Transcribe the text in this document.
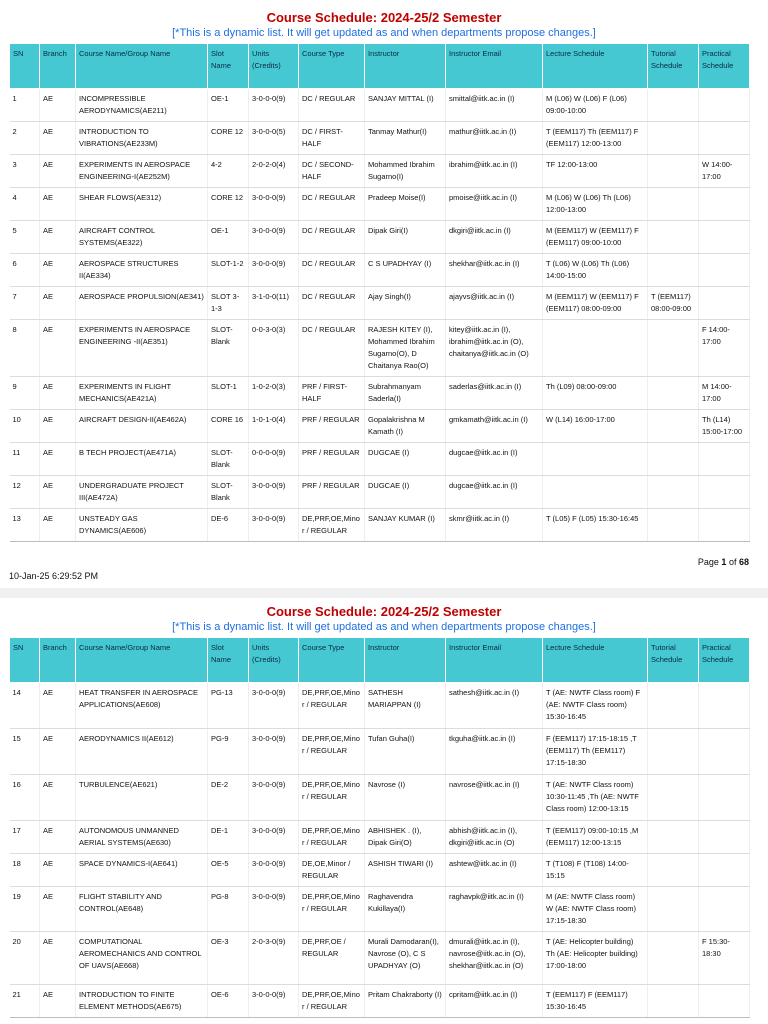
Course Schedule: 2024-25/2 Semester
[*This is a dynamic list. It will get updated as and when departments propose changes.]
SN	Branch	Course Name/Group Name	Slot Name	Units (Credits)	Course Type	Instructor	Instructor Email	Lecture Schedule	Tutorial Schedule	Practical Schedule
1	AE	INCOMPRESSIBLE AERODYNAMICS(AE211)	OE-1	3-0-0-0(9)	DC / REGULAR	SANJAY MITTAL (I)	smittal@iitk.ac.in (I)	M (L06) W (L06) F (L06) 09:00-10:00		
2	AE	INTRODUCTION TO VIBRATIONS(AE233M)	CORE 12	3-0-0-0(5)	DC / FIRST-HALF	Tanmay Mathur(I)	mathur@iitk.ac.in (I)	T (EEM117) Th (EEM117) F (EEM117) 12:00-13:00		
3	AE	EXPERIMENTS IN AEROSPACE ENGINEERING-I(AE252M)	4-2	2-0-2-0(4)	DC / SECOND-HALF	Mohammed Ibrahim Sugarno(I)	ibrahim@iitk.ac.in (I)	TF 12:00-13:00		W 14:00-17:00
4	AE	SHEAR FLOWS(AE312)	CORE 12	3-0-0-0(9)	DC / REGULAR	Pradeep Moise(I)	pmoise@iitk.ac.in (I)	M (L06) W (L06) Th (L06) 12:00-13:00		
5	AE	AIRCRAFT CONTROL SYSTEMS(AE322)	OE-1	3-0-0-0(9)	DC / REGULAR	Dipak Giri(I)	dkgiri@iitk.ac.in (I)	M (EEM117) W (EEM117) F (EEM117) 09:00-10:00		
6	AE	AEROSPACE STRUCTURES II(AE334)	SLOT-1-2	3-0-0-0(9)	DC / REGULAR	C S UPADHYAY (I)	shekhar@iitk.ac.in (I)	T (L06) W (L06) Th (L06) 14:00-15:00		
7	AE	AEROSPACE PROPULSION(AE341)	SLOT 3-1-3	3-1-0-0(11)	DC / REGULAR	Ajay Singh(I)	ajayvs@iitk.ac.in (I)	M (EEM117) W (EEM117) F (EEM117) 08:00-09:00	T (EEM117) 08:00-09:00	
8	AE	EXPERIMENTS IN AEROSPACE ENGINEERING -II(AE351)	SLOT-Blank	0-0-3-0(3)	DC / REGULAR	RAJESH KITEY (I), Mohammed Ibrahim Sugarno(O), D Chaitanya Rao(O)	kitey@iitk.ac.in (I), ibrahim@iitk.ac.in (O), chaitanya@iitk.ac.in (O)			F 14:00-17:00
9	AE	EXPERIMENTS IN FLIGHT MECHANICS(AE421A)	SLOT-1	1-0-2-0(3)	PRF / FIRST-HALF	Subrahmanyam Saderla(I)	saderlas@iitk.ac.in (I)	Th (L09) 08:00-09:00		M 14:00-17:00
10	AE	AIRCRAFT DESIGN-II(AE462A)	CORE 16	1-0-1-0(4)	PRF / REGULAR	Gopalakrishna M Kamath (I)	gmkamath@iitk.ac.in (I)	W (L14) 16:00-17:00		Th (L14) 15:00-17:00
11	AE	B TECH PROJECT(AE471A)	SLOT-Blank	0-0-0-0(9)	PRF / REGULAR	DUGCAE (I)	dugcae@iitk.ac.in (I)			
12	AE	UNDERGRADUATE PROJECT III(AE472A)	SLOT-Blank	3-0-0-0(9)	PRF / REGULAR	DUGCAE (I)	dugcae@iitk.ac.in (I)			
13	AE	UNSTEADY GAS DYNAMICS(AE606)	DE-6	3-0-0-0(9)	DE,PRF,OE,Minor / REGULAR	SANJAY KUMAR (I)	skmr@iitk.ac.in (I)	T (L05) F (L05) 15:30-16:45		
Page 1 of 68
10-Jan-25 6:29:52 PM
Course Schedule: 2024-25/2 Semester
[*This is a dynamic list. It will get updated as and when departments propose changes.]
SN	Branch	Course Name/Group Name	Slot Name	Units (Credits)	Course Type	Instructor	Instructor Email	Lecture Schedule	Tutorial Schedule	Practical Schedule
14	AE	HEAT TRANSFER IN AEROSPACE APPLICATIONS(AE608)	PG-13	3-0-0-0(9)	DE,PRF,OE,Minor / REGULAR	SATHESH MARIAPPAN (I)	sathesh@iitk.ac.in (I)	T (AE: NWTF Class room) F (AE: NWTF Class room) 15:30-16:45		
15	AE	AERODYNAMICS II(AE612)	PG-9	3-0-0-0(9)	DE,PRF,OE,Minor / REGULAR	Tufan Guha(I)	tkguha@iitk.ac.in (I)	F (EEM117) 17:15-18:15 ,T (EEM117) Th (EEM117) 17:15-18:30		
16	AE	TURBULENCE(AE621)	DE-2	3-0-0-0(9)	DE,PRF,OE,Minor / REGULAR	Navrose (I)	navrose@iitk.ac.in (I)	T (AE: NWTF Class room) 10:30-11:45 ,Th (AE: NWTF Class room) 12:00-13:15		
17	AE	AUTONOMOUS UNMANNED AERIAL SYSTEMS(AE630)	DE-1	3-0-0-0(9)	DE,PRF,OE,Minor / REGULAR	ABHISHEK . (I), Dipak Giri(O)	abhish@iitk.ac.in (I), dkgiri@iitk.ac.in (O)	T (EEM117) 09:00-10:15 ,M (EEM117) 12:00-13:15		
18	AE	SPACE DYNAMICS-I(AE641)	OE-5	3-0-0-0(9)	DE,OE,Minor / REGULAR	ASHISH TIWARI (I)	ashtew@iitk.ac.in (I)	T (T108) F (T108) 14:00-15:15		
19	AE	FLIGHT STABILITY AND CONTROL(AE648)	PG-8	3-0-0-0(9)	DE,PRF,OE,Minor / REGULAR	Raghavendra Kukillaya(I)	raghavpk@iitk.ac.in (I)	M (AE: NWTF Class room) W (AE: NWTF Class room) 17:15-18:30		
20	AE	COMPUTATIONAL AEROMECHANICS AND CONTROL OF UAVS(AE668)	OE-3	2-0-3-0(9)	DE,PRF,OE / REGULAR	Murali Damodaran(I), Navrose (O), C S UPADHYAY (O)	dmurali@iitk.ac.in (I), navrose@iitk.ac.in (O), shekhar@iitk.ac.in (O)	T (AE: Helicopter building) Th (AE: Helicopter building) 17:00-18:00		F 15:30-18:30
21	AE	INTRODUCTION TO FINITE ELEMENT METHODS(AE675)	OE-6	3-0-0-0(9)	DE,PRF,OE,Minor / REGULAR	Pritam Chakraborty (I)	cpritam@iitk.ac.in (I)	T (EEM117) F (EEM117) 15:30-16:45		
